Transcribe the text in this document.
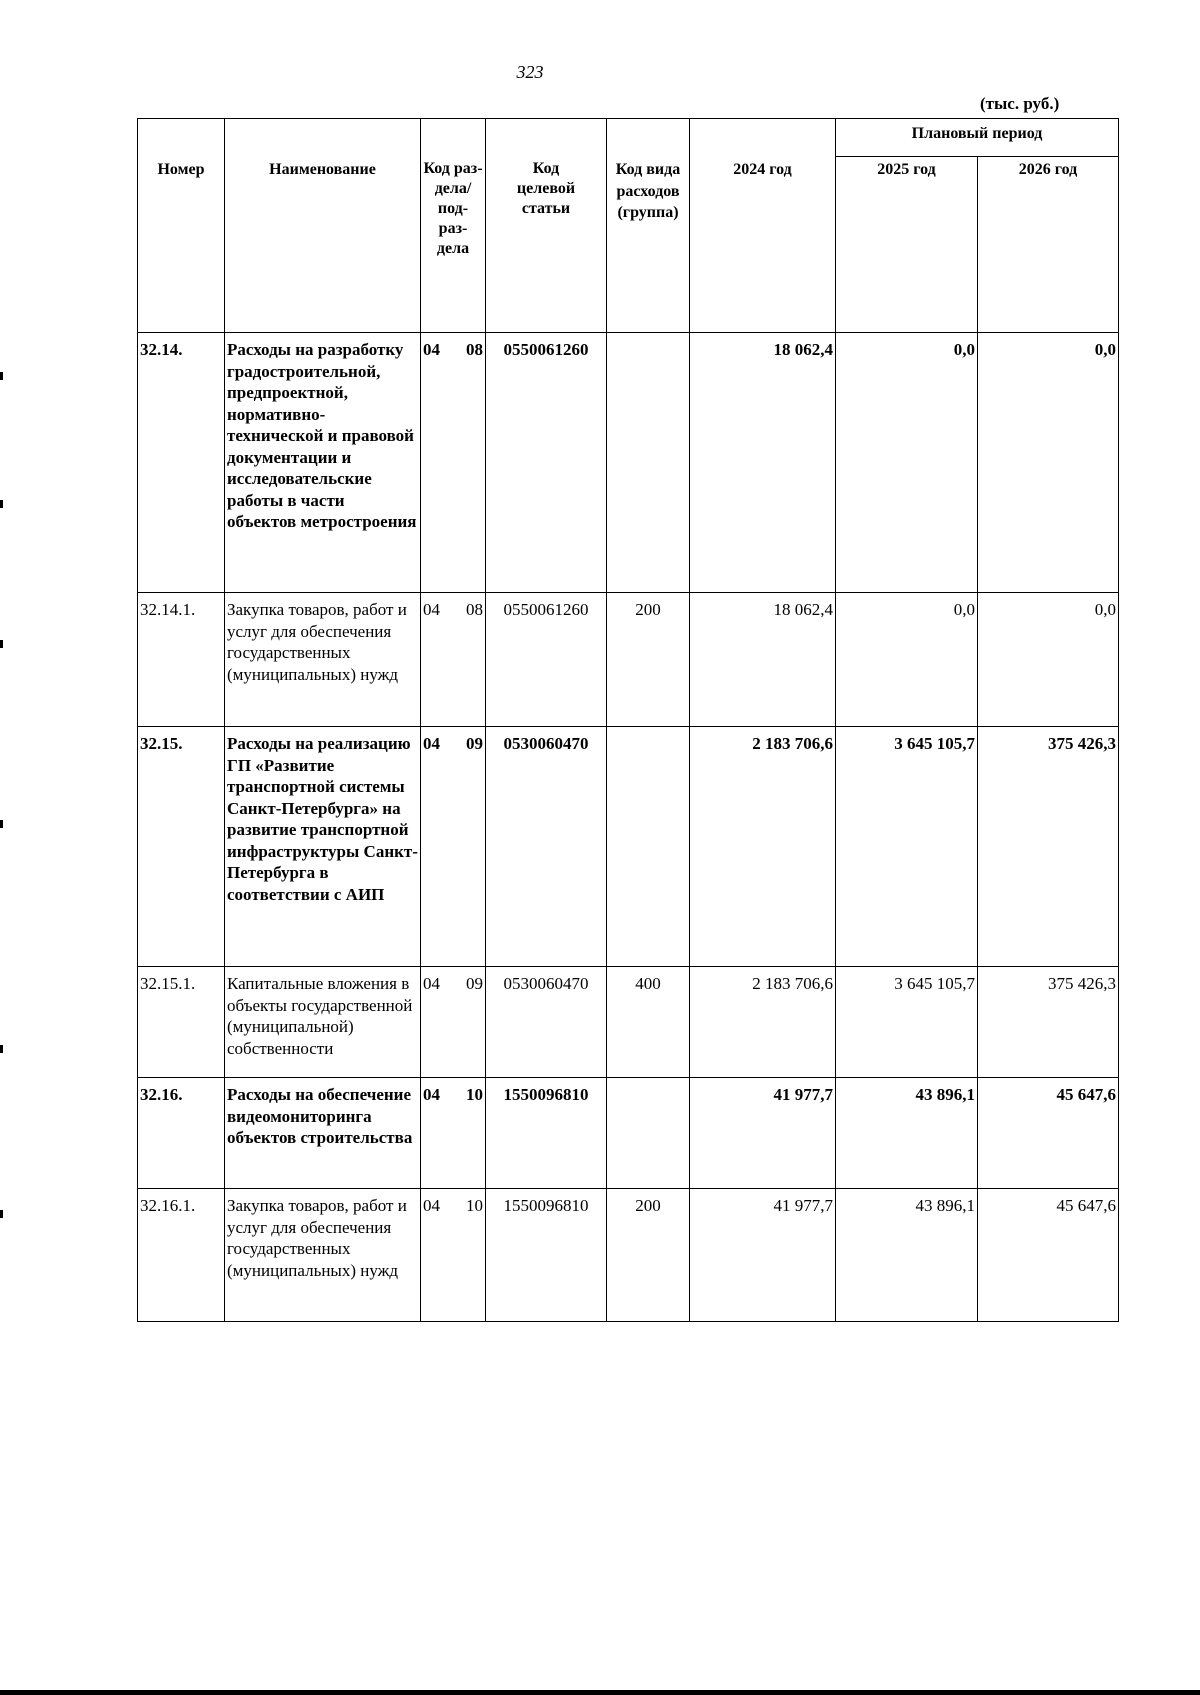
323
(тыс. руб.)
Номер	Наименование	Код раз-
дела/
под-
раз-
дела	Код целевой статьи	Код вида расходов (группа)	2024 год	Плановый период	
						2025 год	2026 год
32.14.	Расходы на разработку градостроительной, предпроектной, нормативно-технической и правовой документации и исследовательские работы в части объектов метростроения	04 08	0550061260		18 062,4	0,0	0,0
32.14.1.	Закупка товаров, работ и услуг для обеспечения государственных (муниципальных) нужд	04 08	0550061260	200	18 062,4	0,0	0,0
32.15.	Расходы на реализацию ГП «Развитие транспортной системы Санкт-Петербурга» на развитие транспортной инфраструктуры Санкт-Петербурга в соответствии с АИП	04 09	0530060470		2 183 706,6	3 645 105,7	375 426,3
32.15.1.	Капитальные вложения в объекты государственной (муниципальной) собственности	04 09	0530060470	400	2 183 706,6	3 645 105,7	375 426,3
32.16.	Расходы на обеспечение видеомониторинга объектов строительства	04 10	1550096810		41 977,7	43 896,1	45 647,6
32.16.1.	Закупка товаров, работ и услуг для обеспечения государственных (муниципальных) нужд	04 10	1550096810	200	41 977,7	43 896,1	45 647,6
